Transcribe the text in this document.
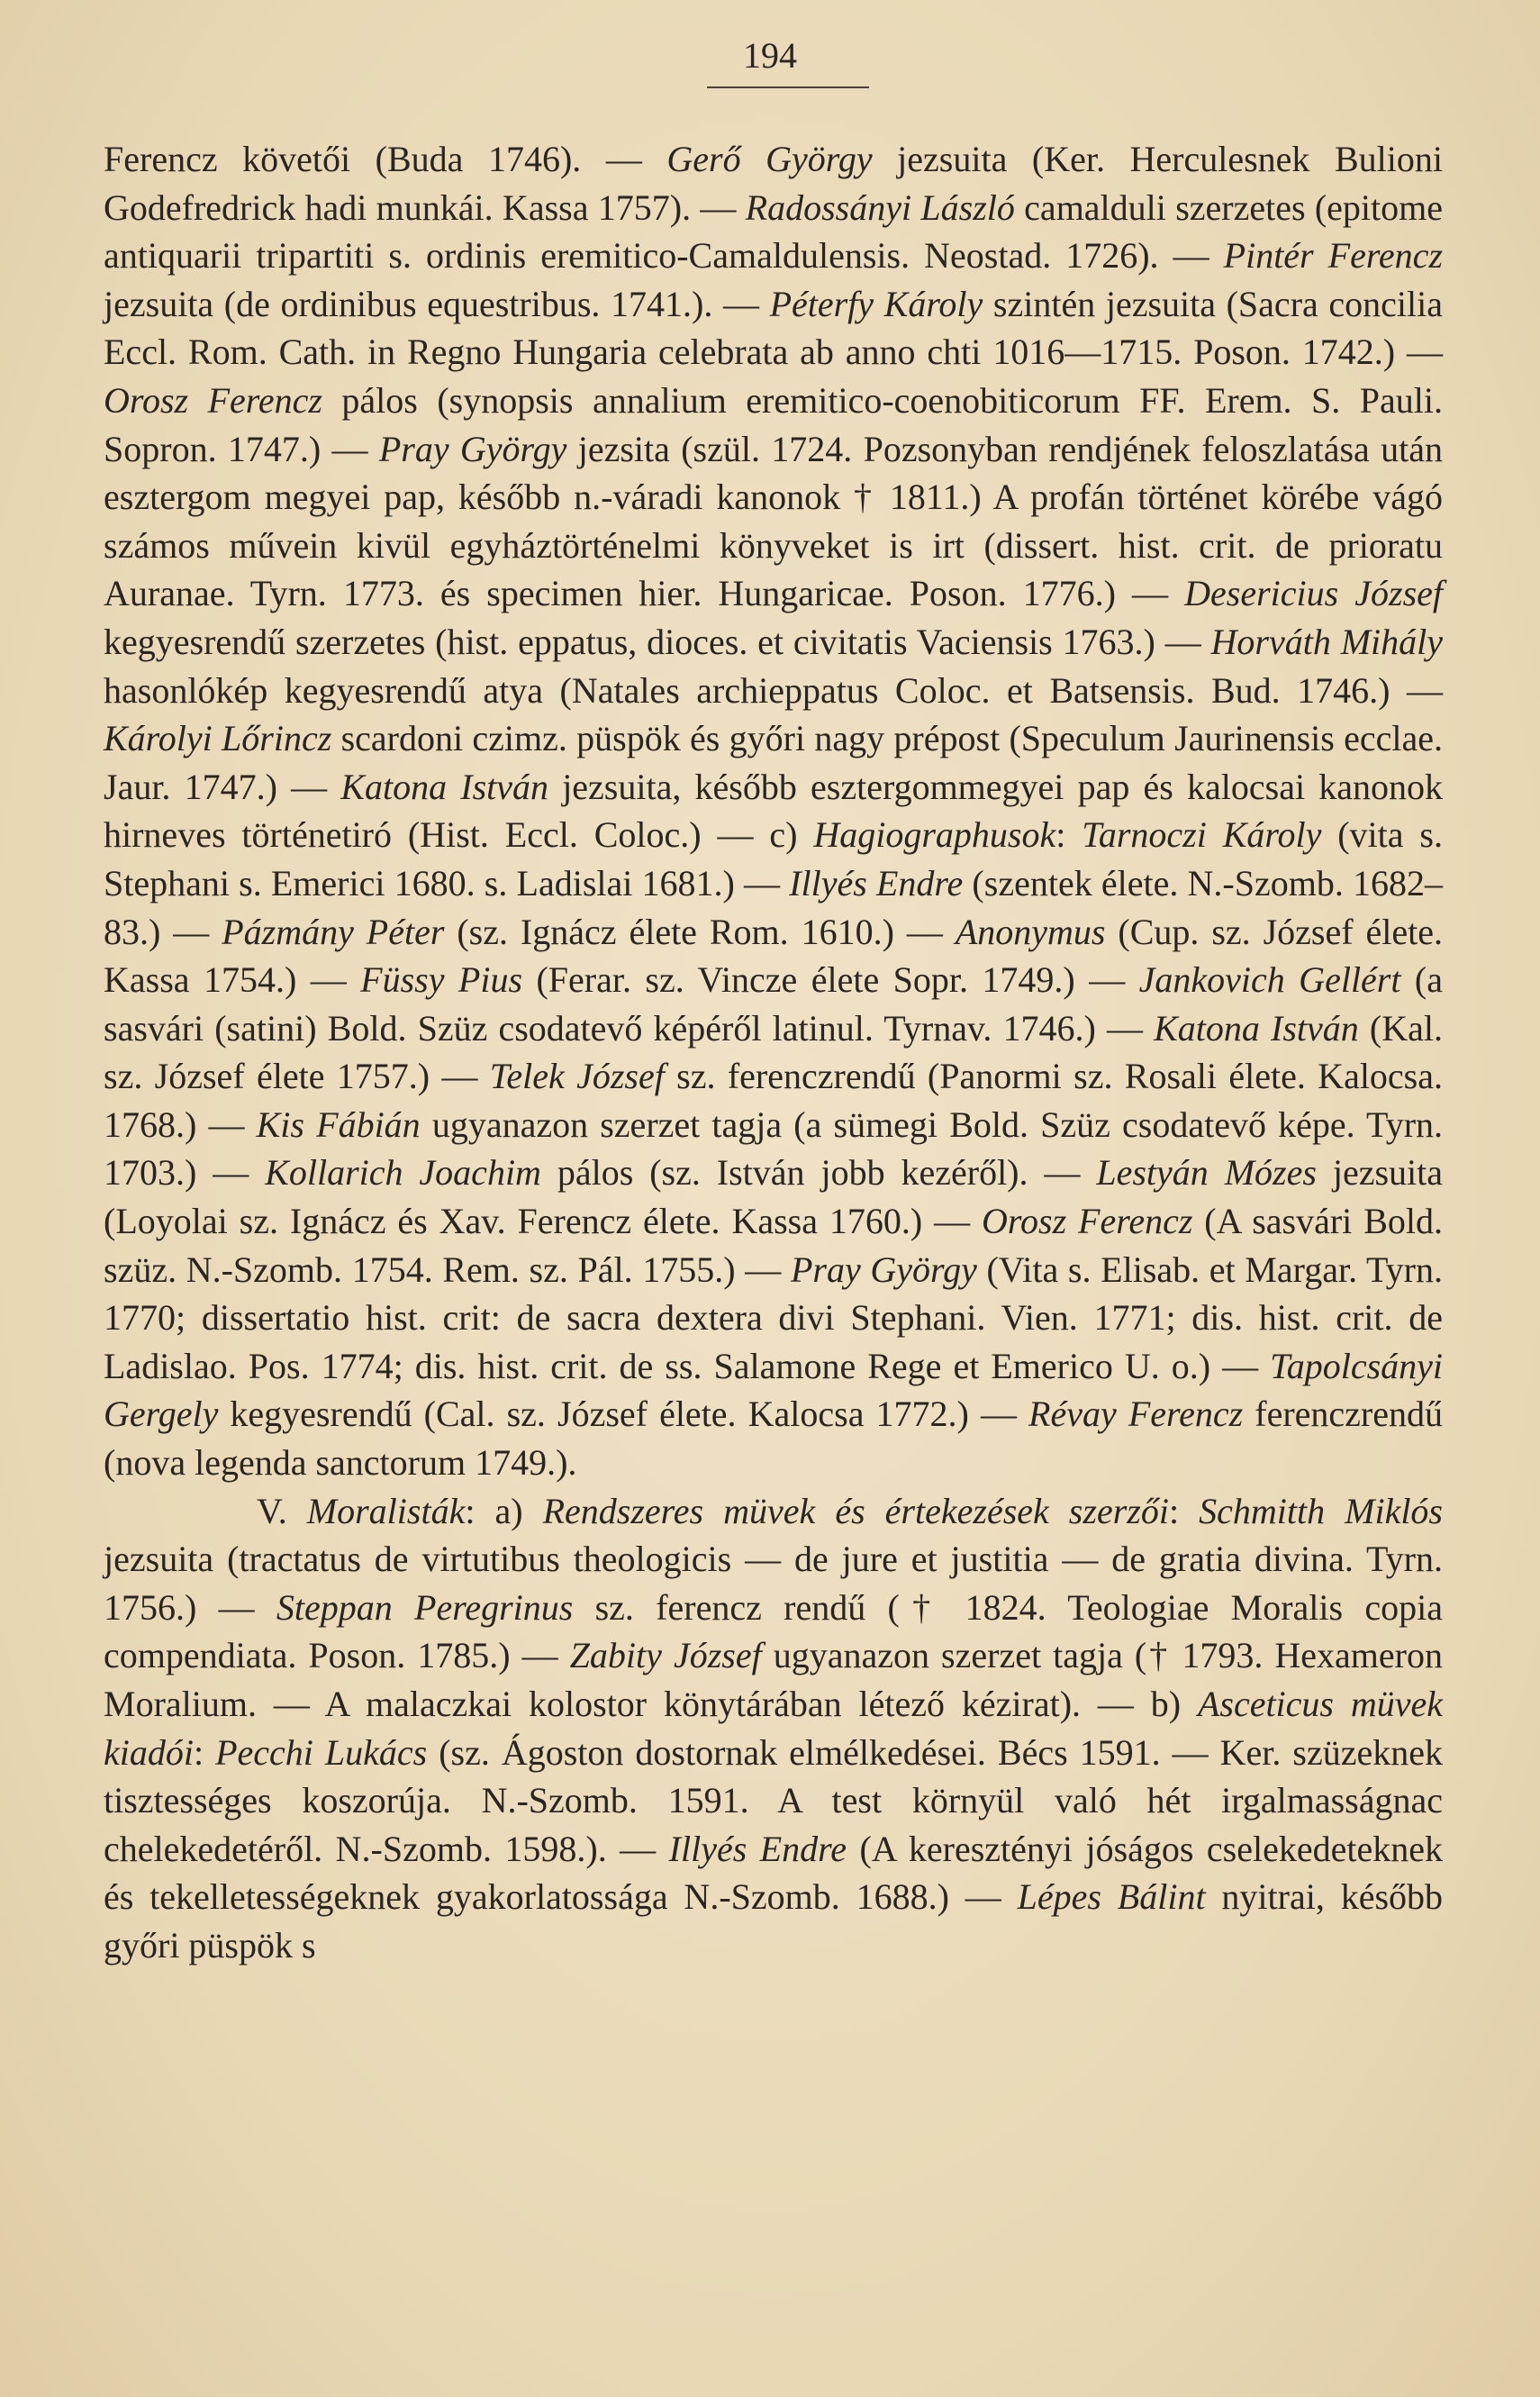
194

Ferencz követői (Buda 1746). — Gerő György jezsuita (Ker. Herculesnek Bulioni Godefredrick hadi munkái. Kassa 1757). — Radossányi László camalduli szerzetes (epitome antiquarii tripartiti s. ordinis eremitico-Camaldulensis. Neostad. 1726). — Pintér Ferencz jezsuita (de ordinibus equestribus. 1741.). — Péterfy Károly szintén jezsuita (Sacra concilia Eccl. Rom. Cath. in Regno Hungaria celebrata ab anno chti 1016—1715. Poson. 1742.) — Orosz Ferencz pálos (synopsis annalium eremitico-coenobiticorum FF. Erem. S. Pauli. Sopron. 1747.) — Pray György jezsita (szül. 1724. Pozsonyban rendjének feloszlatása után esztergom megyei pap, később n.-váradi kanonok † 1811.) A profán történet körébe vágó számos művein kivül egyháztörténelmi könyveket is irt (dissert. hist. crit. de prioratu Auranae. Tyrn. 1773. és specimen hier. Hungaricae. Poson. 1776.) — Desericius József kegyesrendű szerzetes (hist. eppatus, dioces. et civitatis Vaciensis 1763.) — Horváth Mihály hasonlókép kegyesrendű atya (Natales archieppatus Coloc. et Batsensis. Bud. 1746.) — Károlyi Lőrincz scardoni czimz. püspök és győri nagy prépost (Speculum Jaurinensis ecclae. Jaur. 1747.) — Katona István jezsuita, később esztergommegyei pap és kalocsai kanonok hirneves történetiró (Hist. Eccl. Coloc.) — c) Hagiographusok: Tarnoczi Károly (vita s. Stephani s. Emerici 1680. s. Ladislai 1681.) — Illyés Endre (szentek élete. N.-Szomb. 1682–83.) — Pázmány Péter (sz. Ignácz élete Rom. 1610.) — Anonymus (Cup. sz. József élete. Kassa 1754.) — Füssy Pius (Ferar. sz. Vincze élete Sopr. 1749.) — Jankovich Gellért (a sasvári (satini) Bold. Szüz csodatevő képéről latinul. Tyrnav. 1746.) — Katona István (Kal. sz. József élete 1757.) — Telek József sz. ferenczrendű (Panormi sz. Rosali élete. Kalocsa. 1768.) — Kis Fábián ugyanazon szerzet tagja (a sümegi Bold. Szüz csodatevő képe. Tyrn. 1703.) — Kollarich Joachim pálos (sz. István jobb kezéről). — Lestyán Mózes jezsuita (Loyolai sz. Ignácz és Xav. Ferencz élete. Kassa 1760.) — Orosz Ferencz (A sasvári Bold. szüz. N.-Szomb. 1754. Rem. sz. Pál. 1755.) — Pray György (Vita s. Elisab. et Margar. Tyrn. 1770; dissertatio hist. crit: de sacra dextera divi Stephani. Vien. 1771; dis. hist. crit. de Ladislao. Pos. 1774; dis. hist. crit. de ss. Salamone Rege et Emerico U. o.) — Tapolcsányi Gergely kegyesrendű (Cal. sz. József élete. Kalocsa 1772.) — Révay Ferencz ferenczrendű (nova legenda sanctorum 1749.).

V. Moralisták: a) Rendszeres müvek és értekezések szerzői: Schmitth Miklós jezsuita (tractatus de virtutibus theologicis — de jure et justitia — de gratia divina. Tyrn. 1756.) — Steppan Peregrinus sz. ferencz rendű († 1824. Teologiae Moralis copia compendiata. Poson. 1785.) — Zabity József ugyanazon szerzet tagja († 1793. Hexameron Moralium. — A malaczkai kolostor könytárában létező kézirat). — b) Asceticus müvek kiadói: Pecchi Lukács (sz. Ágoston dostornak elmélkedései. Bécs 1591. — Ker. szüzeknek tisztességes koszorúja. N.-Szomb. 1591. A test környül való hét irgalmasságnac chelekedetéről. N.-Szomb. 1598.). — Illyés Endre (A keresztényi jóságos cselekedeteknek és tekelletességeknek gyakorlatossága N.-Szomb. 1688.) — Lépes Bálint nyitrai, később győri püspök s
